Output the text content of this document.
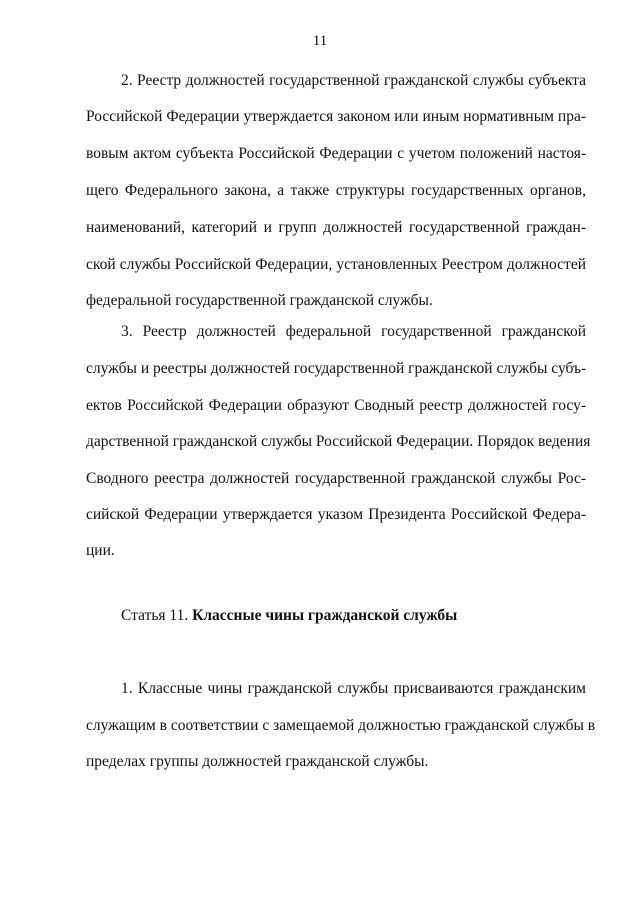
11
2. Реестр должностей государственной гражданской службы субъекта
Российской Федерации утверждается законом или иным нормативным пра-
вовым актом субъекта Российской Федерации с учетом положений настоя-
щего Федерального закона, а также структуры государственных органов,
наименований, категорий и групп должностей государственной граждан-
ской службы Российской Федерации, установленных Реестром должностей
федеральной государственной гражданской службы.
3. Реестр должностей федеральной государственной гражданской
службы и реестры должностей государственной гражданской службы субъ-
ектов Российской Федерации образуют Сводный реестр должностей госу-
дарственной гражданской службы Российской Федерации. Порядок ведения
Сводного реестра должностей государственной гражданской службы Рос-
сийской Федерации утверждается указом Президента Российской Федера-
ции.
Статья 11. Классные чины гражданской службы
1. Классные чины гражданской службы присваиваются гражданским
служащим в соответствии с замещаемой должностью гражданской службы в
пределах группы должностей гражданской службы.
